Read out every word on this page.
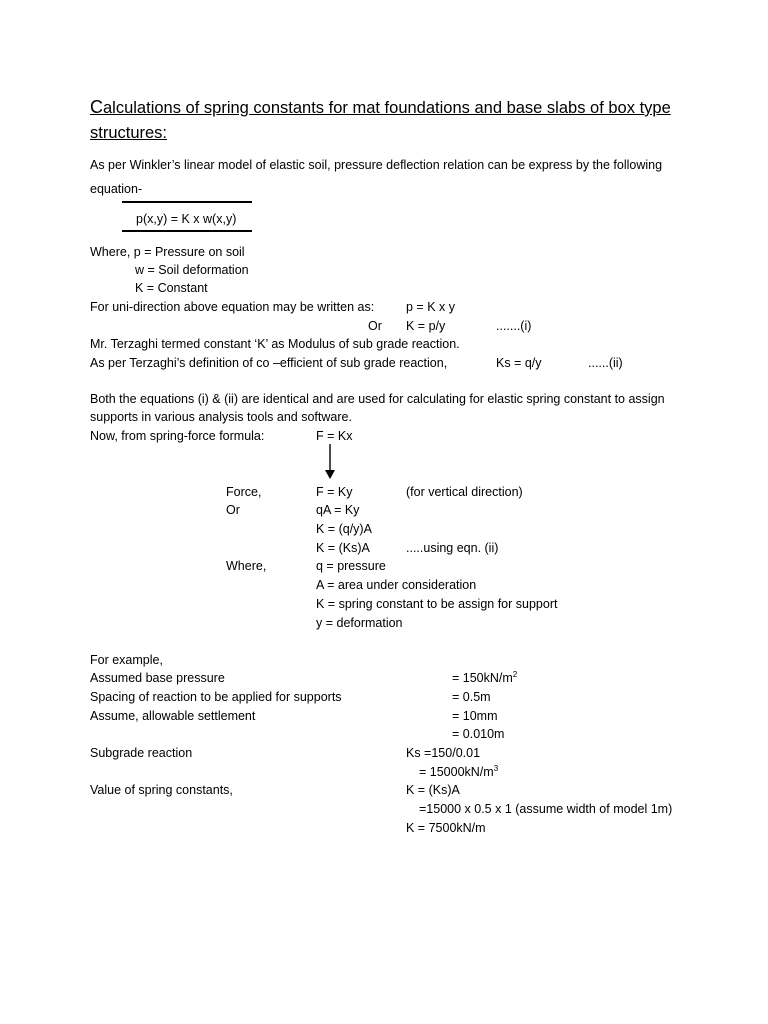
Calculations of spring constants for mat foundations and base slabs of box type structures:
As per Winkler’s linear model of elastic soil, pressure deflection relation can be express by the following
equation-
p(x,y) = K x w(x,y)
Where, p = Pressure on soil
w = Soil deformation
K = Constant
For uni-direction above equation may be written as:	p = K x y
Or K = p/y	.......(i)
Mr. Terzaghi termed constant ‘K’ as Modulus of sub grade reaction.
As per Terzaghi’s definition of co –efficient of sub grade reaction,	Ks = q/y	......(ii)
Both the equations (i) & (ii) are identical and are used for calculating for elastic spring constant to assign
supports in various analysis tools and software.
Now, from spring-force formula:	F = Kx
Force,	F = Ky	(for vertical direction)
Or	qA = Ky
K = (q/y)A
K = (Ks)A	.....using eqn. (ii)
Where,	q = pressure
A = area under consideration
K = spring constant to be assign for support
y = deformation
For example,
Assumed base pressure	= $150kN/m^2$
Spacing of reaction to be applied for supports	= 0.5m
Assume, allowable settlement	= 10mm
= 0.010m
Subgrade reaction	Ks =150/0.01
= $15000kN/m^3$
Value of spring constants,	K = (Ks)A
=15000 x 0.5 x 1 (assume width of model 1m)
K = 7500kN/m
